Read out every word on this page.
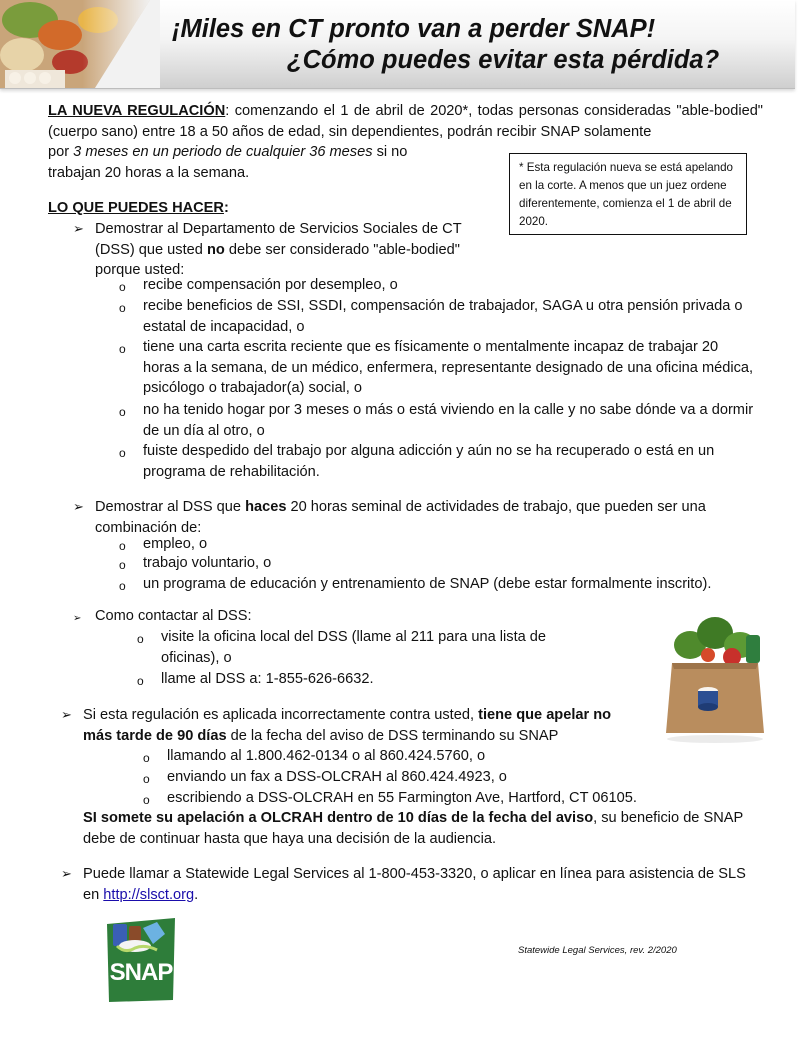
¡Miles en CT pronto van a perder SNAP!
¿Cómo puedes evitar esta pérdida?
LA NUEVA REGULACIÓN: comenzando el 1 de abril de 2020*, todas personas consideradas "able-bodied" (cuerpo sano) entre 18 a 50 años de edad, sin dependientes, podrán recibir SNAP solamente
por 3 meses en un periodo de cualquier 36 meses si no
trabajan 20 horas a la semana.	* Esta regulación nueva se está apelando en la corte. A menos que un juez ordene diferentemente, comienza el 1 de abril de 2020.
LO QUE PUEDES HACER:
➢ Demostrar al Departamento de Servicios Sociales de CT (DSS) que usted no debe ser considerado "able-bodied" porque usted:
o recibe compensación por desempleo, o
o recibe beneficios de SSI, SSDI, compensación de trabajador, SAGA u otra pensión privada o estatal de incapacidad, o
o tiene una carta escrita reciente que es físicamente o mentalmente incapaz de trabajar 20 horas a la semana, de un médico, enfermera, representante designado de una oficina médica, psicólogo o trabajador(a) social, o
o no ha tenido hogar por 3 meses o más o está viviendo en la calle y no sabe dónde va a dormir de un día al otro, o
o fuiste despedido del trabajo por alguna adicción y aún no se ha recuperado o está en un programa de rehabilitación.
➢ Demostrar al DSS que haces 20 horas seminal de actividades de trabajo, que pueden ser una combinación de:
o empleo, o
o trabajo voluntario, o
o un programa de educación y entrenamiento de SNAP (debe estar formalmente inscrito).
➢ Como contactar al DSS:
o visite la oficina local del DSS (llame al 211 para una lista de oficinas), o
o llame al DSS a: 1-855-626-6632.
➢ Si esta regulación es aplicada incorrectamente contra usted, tiene que apelar no más tarde de 90 días de la fecha del aviso de DSS terminando su SNAP
o llamando al 1.800.462-0134 o al 860.424.5760, o
o enviando un fax a DSS-OLCRAH al 860.424.4923, o
o escribiendo a DSS-OLCRAH en 55 Farmington Ave, Hartford, CT 06105.
SI somete su apelación a OLCRAH dentro de 10 días de la fecha del aviso, su beneficio de SNAP debe de continuar hasta que haya una decisión de la audiencia.
➢ Puede llamar a Statewide Legal Services al 1-800-453-3320, o aplicar en línea para asistencia de SLS en http://slsct.org.
SNAP
Statewide Legal Services, rev. 2/2020
